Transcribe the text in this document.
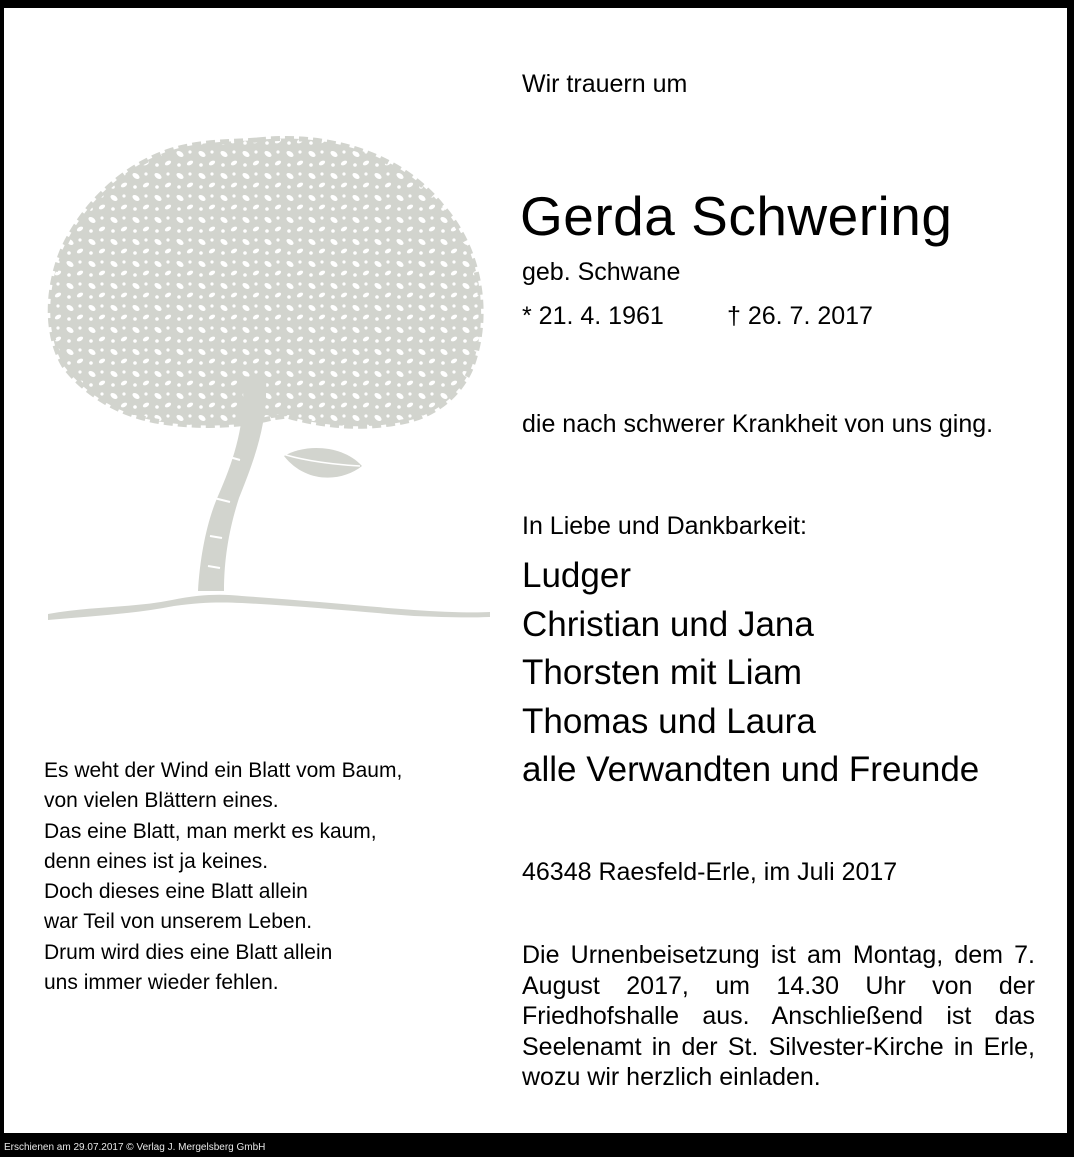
Wir trauern um
Gerda Schwering
geb. Schwane
* 21. 4. 1961	† 26. 7. 2017
die nach schwerer Krankheit von uns ging.
In Liebe und Dankbarkeit:
Ludger
Christian und Jana
Thorsten mit Liam
Thomas und Laura
alle Verwandten und Freunde
46348 Raesfeld-Erle, im Juli 2017
Die Urnenbeisetzung ist am Montag, dem 7. August 2017, um 14.30 Uhr von der Friedhofshalle aus. Anschließend ist das Seelenamt in der St. Silvester-Kirche in Erle, wozu wir herzlich einladen.
Es weht der Wind ein Blatt vom Baum,
von vielen Blättern eines.
Das eine Blatt, man merkt es kaum,
denn eines ist ja keines.
Doch dieses eine Blatt allein
war Teil von unserem Leben.
Drum wird dies eine Blatt allein
uns immer wieder fehlen.
Erschienen am 29.07.2017 © Verlag J. Mergelsberg GmbH
